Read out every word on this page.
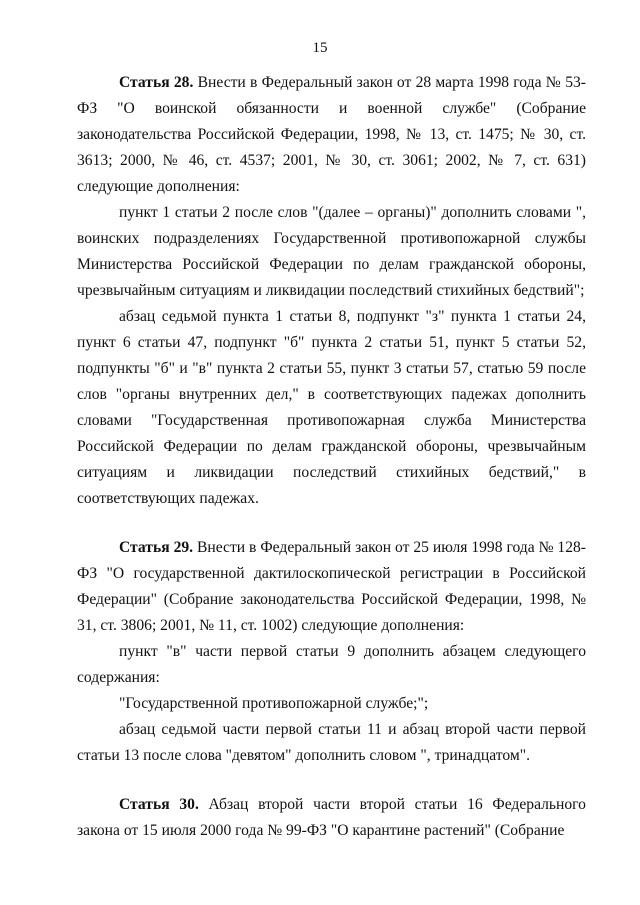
15

Статья 28. Внести в Федеральный закон от 28 марта 1998 года № 53-ФЗ "О воинской обязанности и военной службе" (Собрание законодательства Российской Федерации, 1998, № 13, ст. 1475; № 30, ст. 3613; 2000, № 46, ст. 4537; 2001, № 30, ст. 3061; 2002, № 7, ст. 631) следующие дополнения:

пункт 1 статьи 2 после слов "(далее – органы)" дополнить словами ", воинских подразделениях Государственной противопожарной службы Министерства Российской Федерации по делам гражданской обороны, чрезвычайным ситуациям и ликвидации последствий стихийных бедствий";

абзац седьмой пункта 1 статьи 8, подпункт "з" пункта 1 статьи 24, пункт 6 статьи 47, подпункт "б" пункта 2 статьи 51, пункт 5 статьи 52, подпункты "б" и "в" пункта 2 статьи 55, пункт 3 статьи 57, статью 59 после слов "органы внутренних дел," в соответствующих падежах дополнить словами "Государственная противопожарная служба Министерства Российской Федерации по делам гражданской обороны, чрезвычайным ситуациям и ликвидации последствий стихийных бедствий," в соответствующих падежах.

Статья 29. Внести в Федеральный закон от 25 июля 1998 года № 128-ФЗ "О государственной дактилоскопической регистрации в Российской Федерации" (Собрание законодательства Российской Федерации, 1998, № 31, ст. 3806; 2001, № 11, ст. 1002) следующие дополнения:

пункт "в" части первой статьи 9 дополнить абзацем следующего содержания:

"Государственной противопожарной службе;";

абзац седьмой части первой статьи 11 и абзац второй части первой статьи 13 после слова "девятом" дополнить словом ", тринадцатом".

Статья 30. Абзац второй части второй статьи 16 Федерального закона от 15 июля 2000 года № 99-ФЗ "О карантине растений" (Собрание
